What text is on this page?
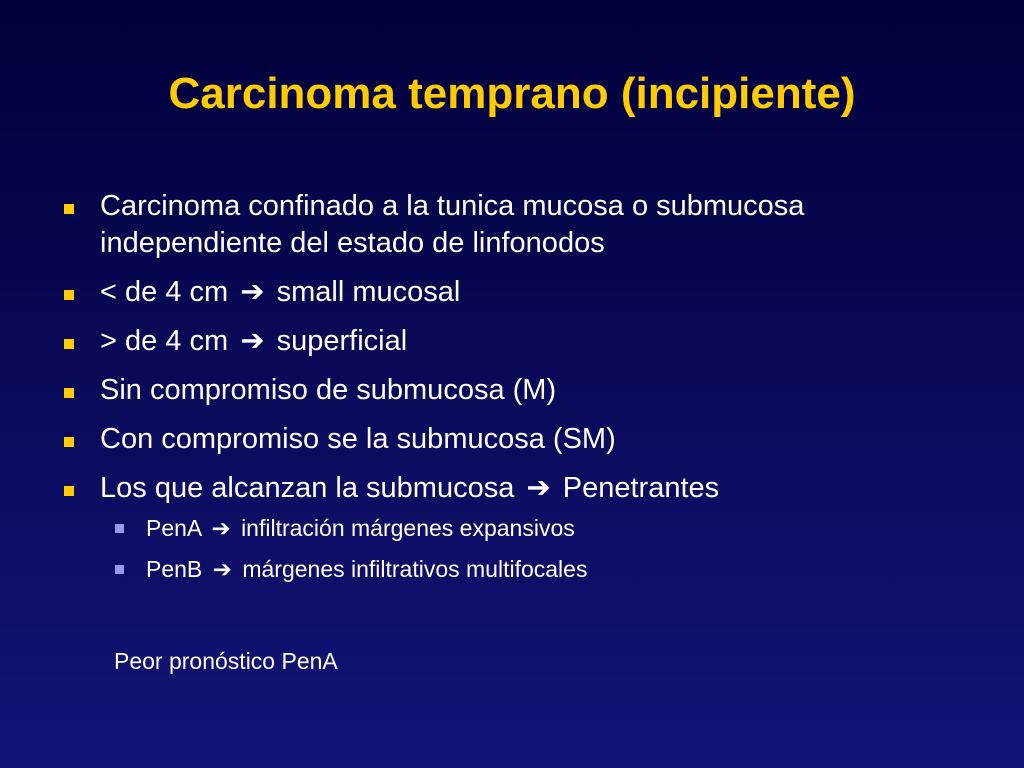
Carcinoma temprano (incipiente)
Carcinoma confinado a la tunica mucosa o submucosa independiente del estado de linfonodos
< de 4 cm ➔ small mucosal
> de 4 cm ➔ superficial
Sin compromiso de submucosa (M)
Con compromiso se la submucosa (SM)
Los que alcanzan la submucosa ➔ Penetrantes
PenA ➔ infiltración márgenes expansivos
PenB ➔ márgenes infiltrativos multifocales
Peor pronóstico PenA
